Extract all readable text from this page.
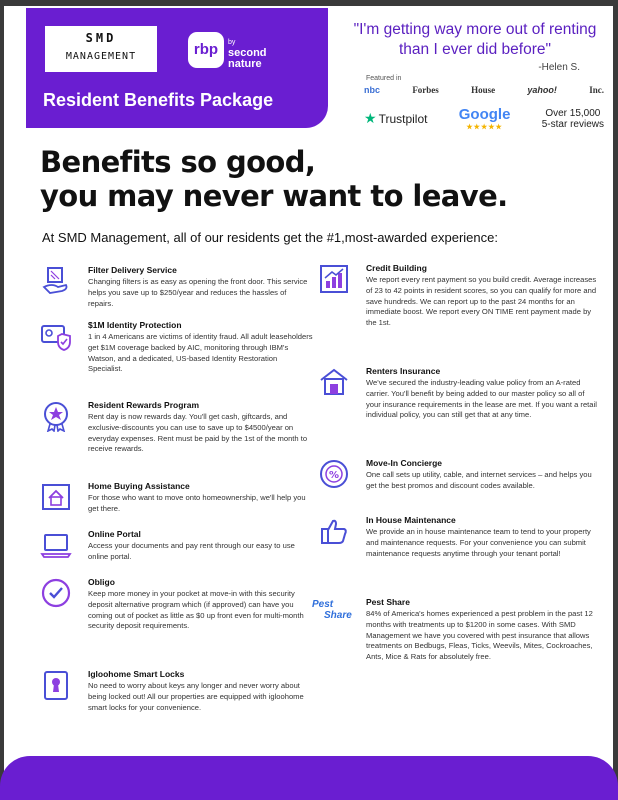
SMD
MANAGEMENT	rbp	by
second
nature
Resident Benefits Package
"I'm getting way more out of renting than I ever did before"
-Helen S.
Featured in
nbc	Forbes	House	yahoo!	Inc.
★ Trustpilot Google
★★★★★
Over 15,000
5-star reviews
Benefits so good,
you may never want to leave.
At SMD Management, all of our residents get the #1,most-awarded experience:
Filter Delivery Service
Changing filters is as easy as opening the front door. This service helps you save up to $250/year and reduces the hassles of repairs.
$1M Identity Protection
1 in 4 Americans are victims of identity fraud. All adult leaseholders get $1M coverage backed by AIC, monitoring through IBM's Watson, and a dedicated, US-based Identity Restoration Specialist.
Resident Rewards Program
Rent day is now rewards day. You'll get cash, giftcards, and exclusive-discounts you can use to save up to $4500/year on everyday expenses. Rent must be paid by the 1st of the month to receive rewards.
Home Buying Assistance
For those who want to move onto homeownership, we'll help you get there.
Online Portal
Access your documents and pay rent through our easy to use online portal.
Obligo
Keep more money in your pocket at move-in with this security deposit alternative program which (if approved) can have you coming out of pocket as little as $0 up front even for multi-month security deposit requirements.
Igloohome Smart Locks
No need to worry about keys any longer and never worry about being locked out! All our properties are equipped with igloohome smart locks for your convenience.
Credit Building
We report every rent payment so you build credit. Average increases of 23 to 42 points in resident scores, so you can qualify for more and save hundreds. We can report up to the past 24 months for an immediate boost. We report every ON TIME rent payment made by the 1st.
Renters Insurance
We've secured the industry-leading value policy from an A-rated carrier. You'll benefit by being added to our master policy so all of your insurance requirements in the lease are met. If you want a retail individual policy, you can still get that at any time.
%
Move-In Concierge
One call sets up utility, cable, and internet services – and helps you get the best promos and discount codes available.
In House Maintenance
We provide an in house maintenance team to tend to your property and maintenance requests. For your convenience you can submit maintenance requests anytime through your tenant portal!
Pest
Share
Pest Share
84% of America's homes experienced a pest problem in the past 12 months with treatments up to $1200 in some cases. With SMD Management we have you covered with pest insurance that allows treatments on Bedbugs, Fleas, Ticks, Weevils, Mites, Cockroaches, Ants, Mice & Rats for absolutely free.
